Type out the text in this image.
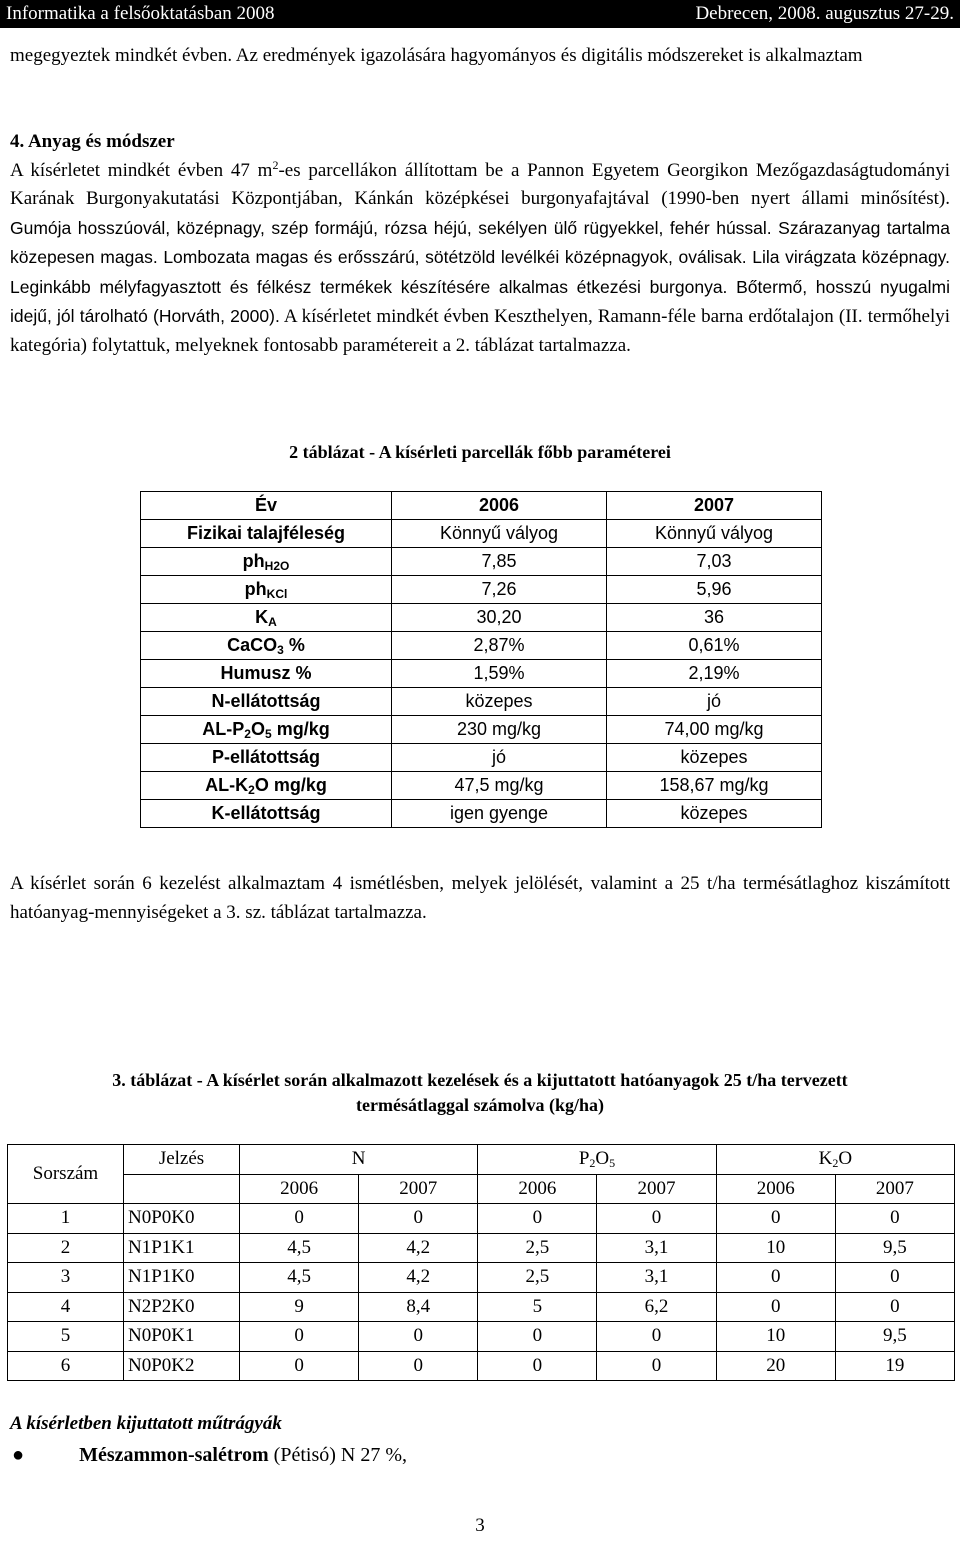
Informatika a felsőoktatásban 2008	Debrecen, 2008. augusztus 27-29.

megegyeztek mindkét évben. Az eredmények igazolására hagyományos és digitális módszereket is alkalmaztam

4. Anyag és módszer

A kísérletet mindkét évben 47 $m^2-es$ parcellákon állítottam be a Pannon Egyetem Georgikon Mezőgazdaságtudományi Karának Burgonyakutatási Központjában, Kánkán középkései burgonyafajtával (1990-ben nyert állami minősítést). Gumója hosszúovál, középnagy, szép formájú, rózsa héjú, sekélyen ülő rügyekkel, fehér hússal. Szárazanyag tartalma közepesen magas. Lombozata magas és erősszárú, sötétzöld levélkéi középnagyok, oválisak. Lila virágzata középnagy. Leginkább mélyfagyasztott és félkész termékek készítésére alkalmas étkezési burgonya. Bőtermő, hosszú nyugalmi idejű, jól tárolható (Horváth, 2000). A kísérletet mindkét évben Keszthelyen, Ramann-féle barna erdőtalajon (II. termőhelyi kategória) folytattuk, melyeknek fontosabb paramétereit a 2. táblázat tartalmazza.

2 táblázat - A kísérleti parcellák főbb paraméterei
Év	2006	2007
Fizikai talajféleség	Könnyű vályog	Könnyű vályog
$ph_{H2O}$	7,85	7,03
$ph_{KCl}$	7,26	5,96
$K_A$	30,20	36
CaCO$_3$ %	2,87%	0,61%
Humusz %	1,59%	2,19%
N-ellátottság	közepes	jó
$AL-P_2O_5$ mg/kg	230 mg/kg	74,00 mg/kg
P-ellátottság	jó	közepes
$AL-K_2O$ mg/kg	47,5 mg/kg	158,67 mg/kg
K-ellátottság	igen gyenge	közepes

A kísérlet során 6 kezelést alkalmaztam 4 ismétlésben, melyek jelölését, valamint a 25 t/ha termésátlaghoz kiszámított hatóanyag-mennyiségeket a 3. sz. táblázat tartalmazza.

3. táblázat - A kísérlet során alkalmazott kezelések és a kijuttatott hatóanyagok 25 t/ha tervezett
termésátlaggal számolva (kg/ha)
Sorszám	Jelzés	N		$P_2O_5$		$K_2O$	
		2006	2007	2006	2007	2006	2007
1	N0P0K0	0	0	0	0	0	0
2	N1P1K1	4,5	4,2	2,5	3,1	10	9,5
3	N1P1K0	4,5	4,2	2,5	3,1	0	0
4	N2P2K0	9	8,4	5	6,2	0	0
5	N0P0K1	0	0	0	0	10	9,5
6	N0P0K2	0	0	0	0	20	19
A kísérletben kijuttatott műtrágyák
●	Mészammon-salétrom (Pétisó) N 27 %,
3
